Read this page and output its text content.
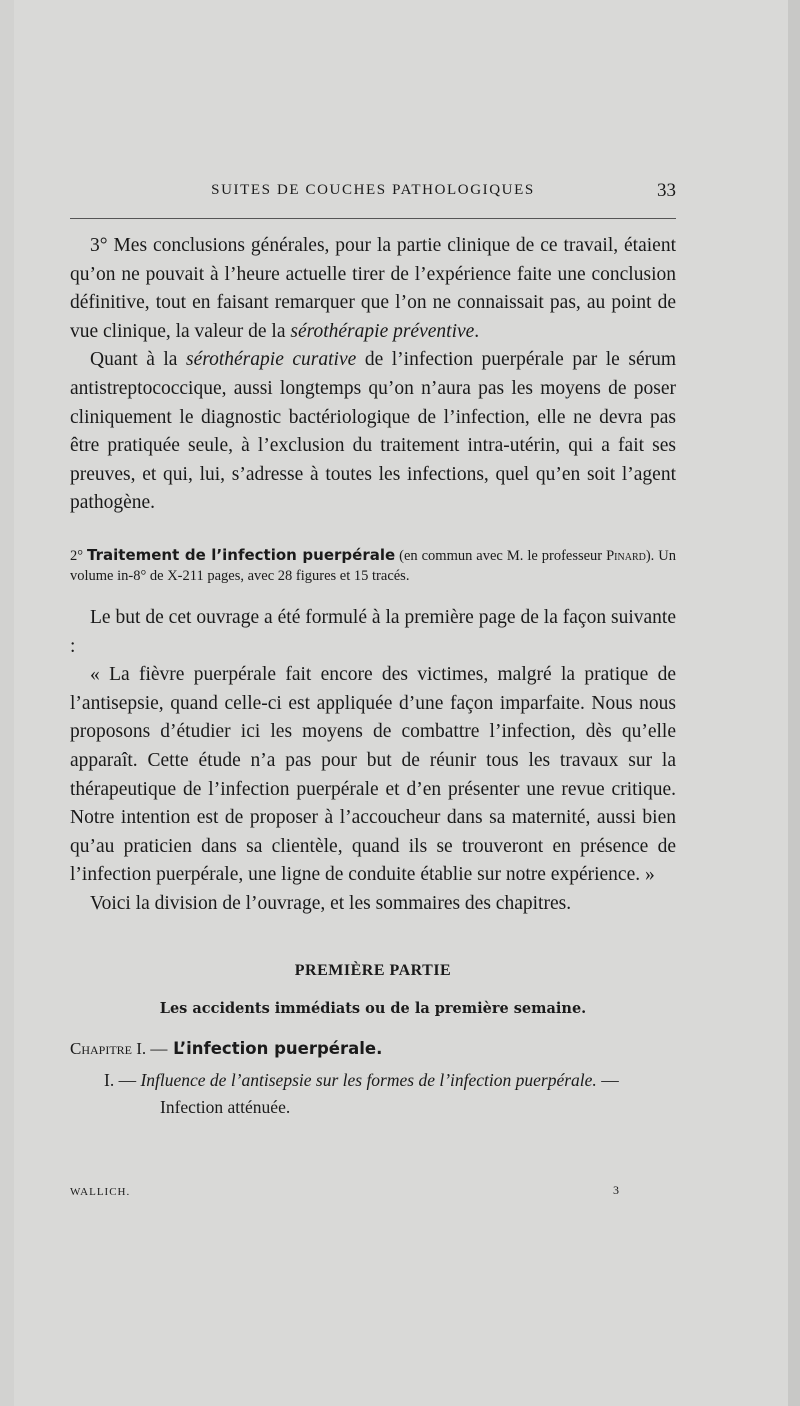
SUITES DE COUCHES PATHOLOGIQUES	33

3° Mes conclusions générales, pour la partie clinique de ce travail, étaient qu’on ne pouvait à l’heure actuelle tirer de l’expérience faite une conclusion définitive, tout en faisant remarquer que l’on ne connaissait pas, au point de vue clinique, la valeur de la sérothérapie préventive.

Quant à la sérothérapie curative de l’infection puerpérale par le sérum antistreptococcique, aussi longtemps qu’on n’aura pas les moyens de poser cliniquement le diagnostic bactériologique de l’infection, elle ne devra pas être pratiquée seule, à l’exclusion du traitement intra-utérin, qui a fait ses preuves, et qui, lui, s’adresse à toutes les infections, quel qu’en soit l’agent pathogène.

2° Traitement de l’infection puerpérale (en commun avec M. le professeur Pinard). Un volume in-8° de X-211 pages, avec 28 figures et 15 tracés.

Le but de cet ouvrage a été formulé à la première page de la façon suivante :

« La fièvre puerpérale fait encore des victimes, malgré la pratique de l’antisepsie, quand celle-ci est appliquée d’une façon imparfaite. Nous nous proposons d’étudier ici les moyens de combattre l’infection, dès qu’elle apparaît. Cette étude n’a pas pour but de réunir tous les travaux sur la thérapeutique de l’infection puerpérale et d’en présenter une revue critique. Notre intention est de proposer à l’accoucheur dans sa maternité, aussi bien qu’au praticien dans sa clientèle, quand ils se trouveront en présence de l’infection puerpérale, une ligne de conduite établie sur notre expérience. »

Voici la division de l’ouvrage, et les sommaires des chapitres.

PREMIÈRE PARTIE
Les accidents immédiats ou de la première semaine.
Chapitre I. — L’infection puerpérale.
I. — Influence de l’antisepsie sur les formes de l’infection puerpérale. — Infection atténuée.
WALLICH.	3
